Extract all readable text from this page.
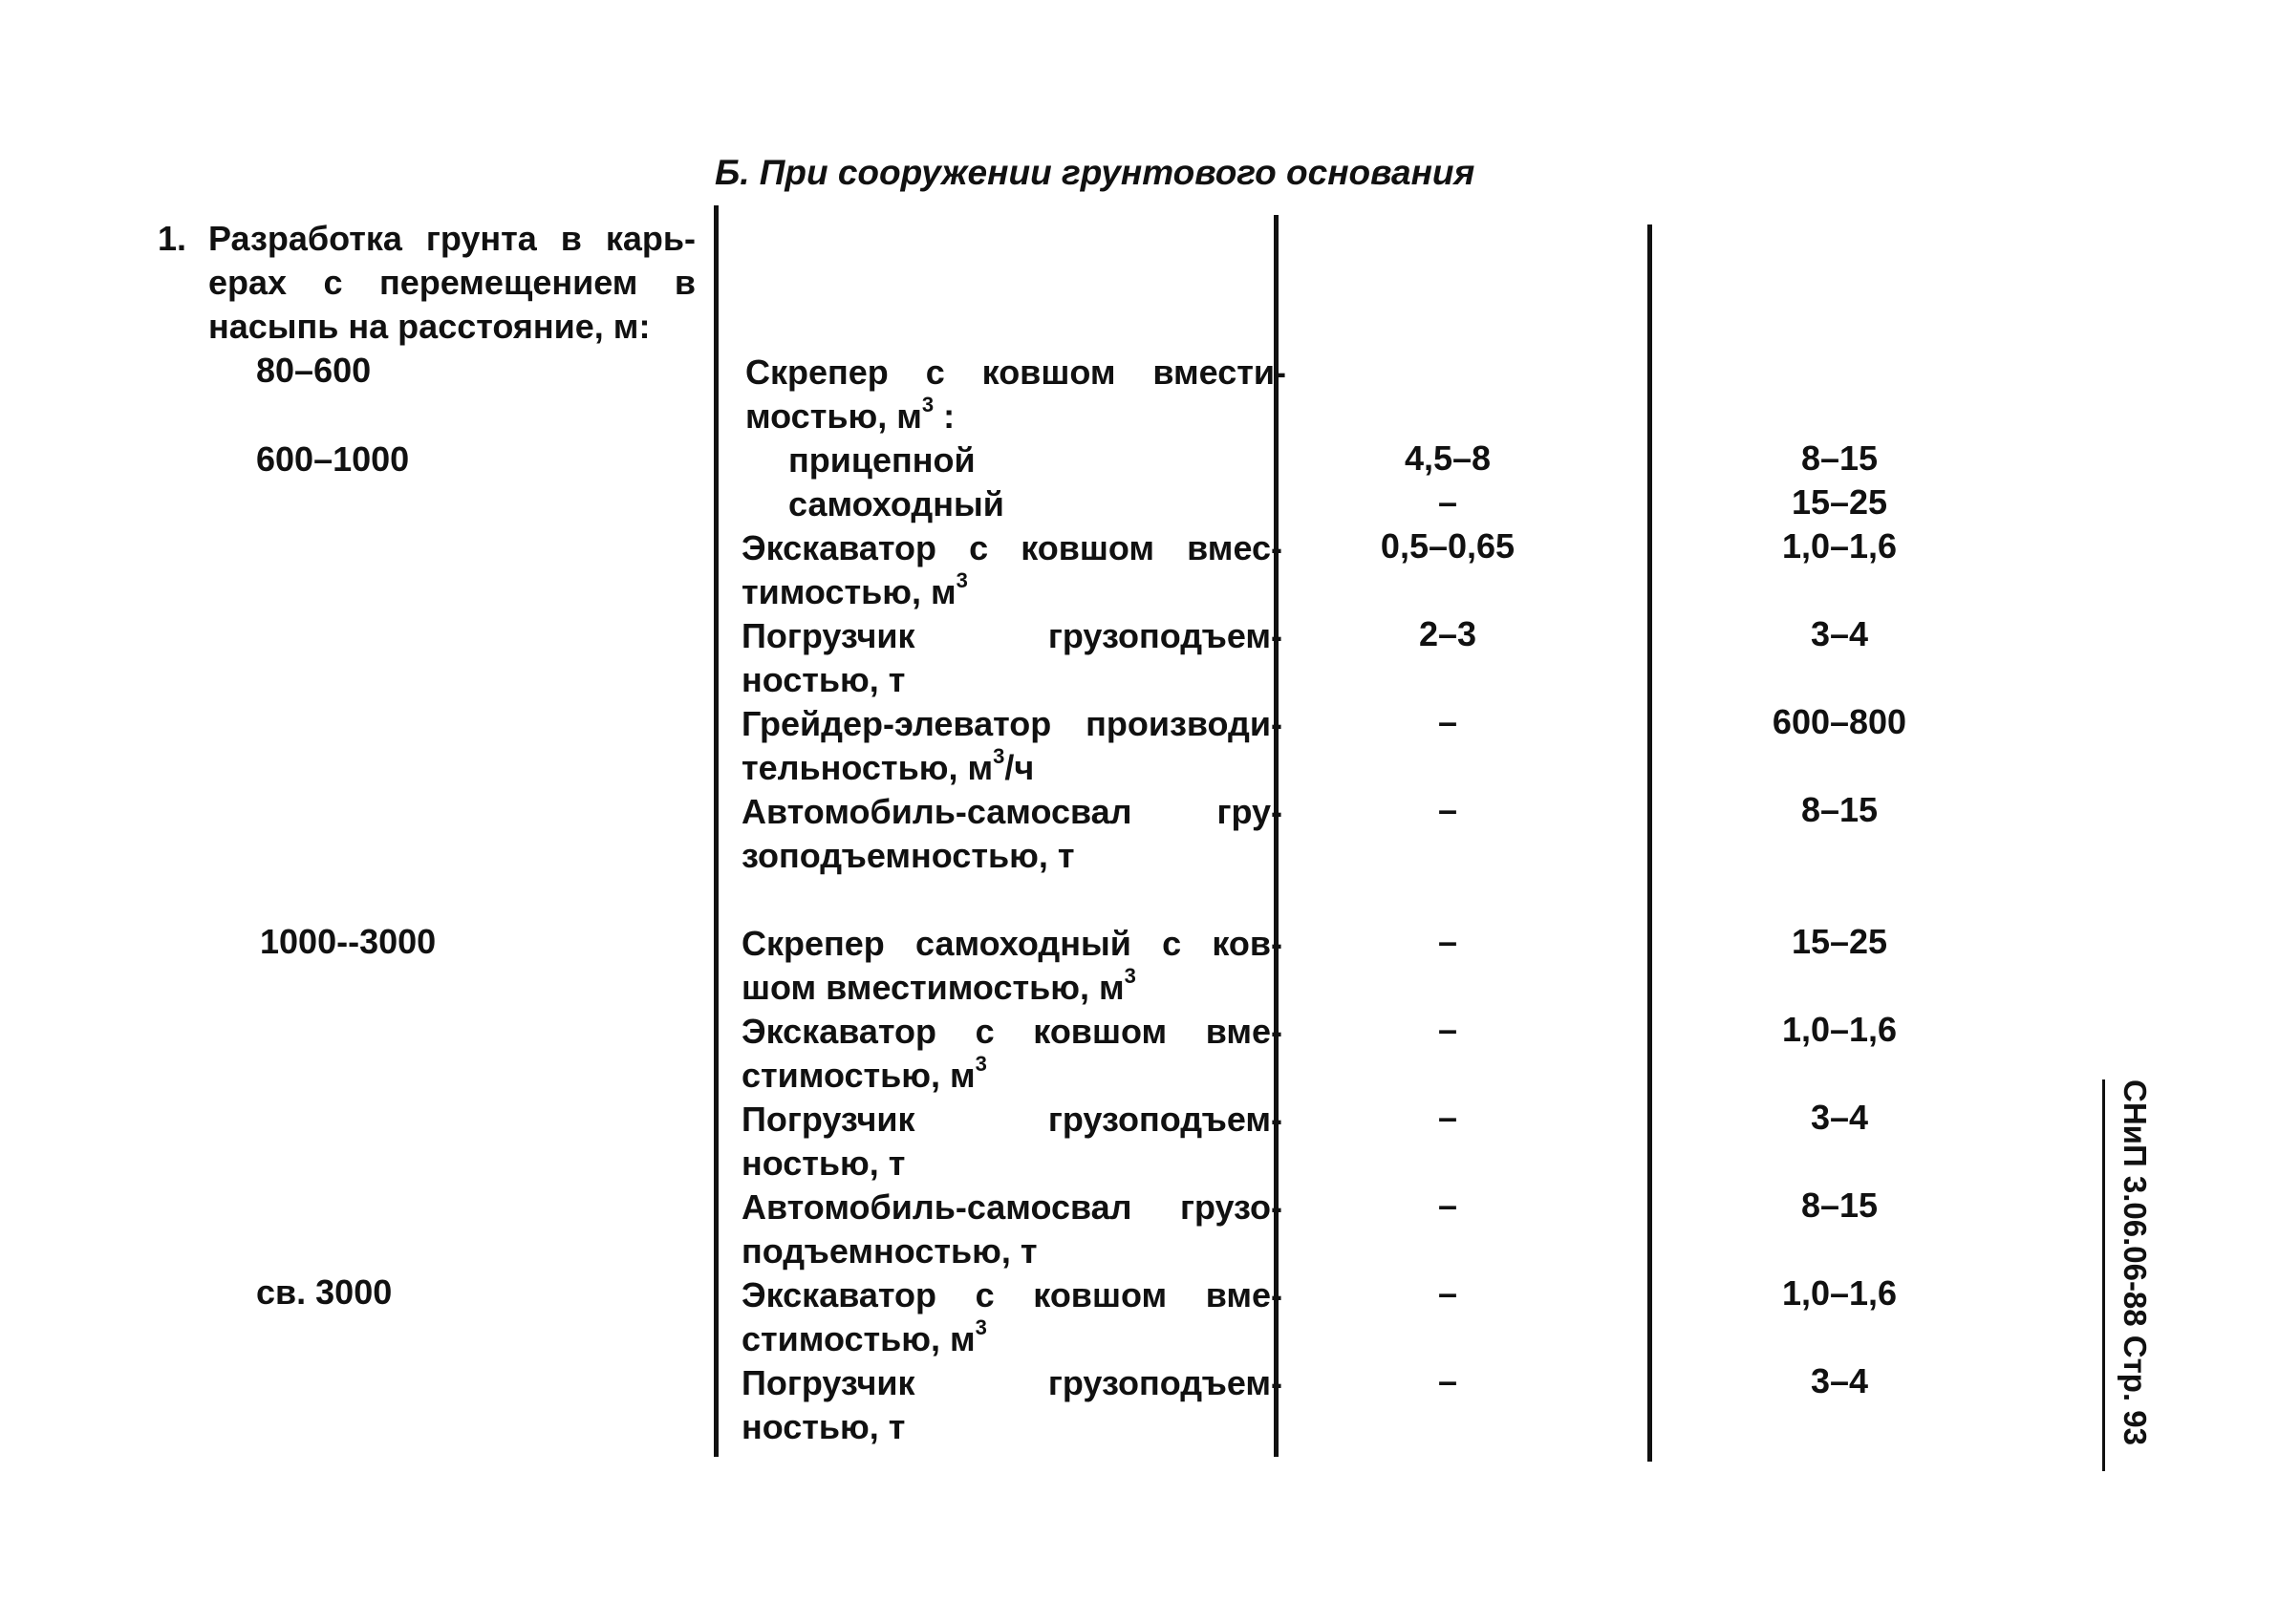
Б. При сооружении грунтового основания
1. Разработка грунта в карь-
ерах с перемещением в
насыпь на расстояние, м:
80–600
600–1000
1000--3000
св. 3000
Скрепер с ковшом вмести-
мостью, $м^3$ :
прицепной
самоходный
Экскаватор с ковшом вмес-
тимостью, $м^3$
Погрузчик грузоподъем-
ностью, т
Грейдер-элеватор производи-
тельностью, $м^3/ч$
Автомобиль-самосвал гру-
зоподъемностью, т
Скрепер самоходный с ков-
шом вместимостью, $м^3$
Экскаватор с ковшом вме-
стимостью, $м^3$
Погрузчик грузоподъем-
ностью, т
Автомобиль-самосвал грузо-
подъемностью, т
Экскаватор с ковшом вме-
стимостью, $м^3$
Погрузчик грузоподъем-
ностью, т
4,5–8
–
0,5–0,65
2–3
–
–
–
–
–
–
–
–
8–15
15–25
1,0–1,6
3–4
600–800
8–15
15–25
1,0–1,6
3–4
8–15
1,0–1,6
3–4	СНиП 3.06.06-88 Стр. 93
